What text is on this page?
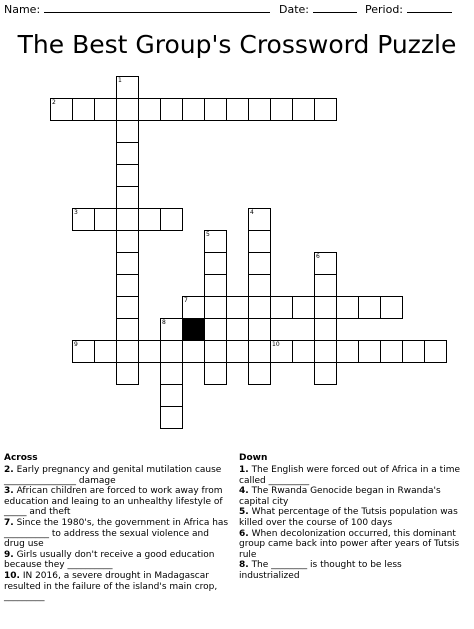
Name:	Date:	Period:
The Best Group's Crossword Puzzle
1
2
3	4
5
6
7
8
9	10
Across
2. Early pregnancy and genital mutilation cause ________________ damage
3. African children are forced to work away from education and leaing to an unhealthy lifestyle of _____ and theft
7. Since the 1980's, the government in Africa has __________ to address the sexual violence and drug use
9. Girls usually don't receive a good education because they __________
10. IN 2016, a severe drought in Madagascar resulted in the failure of the island's main crop, _________
Down
1. The English were forced out of Africa in a time called _________
4. The Rwanda Genocide began in Rwanda's capital city
5. What percentage of the Tutsis population was killed over the course of 100 days
6. When decolonization occurred, this dominant group came back into power after years of Tutsis rule
8. The ________ is thought to be less industrialized
